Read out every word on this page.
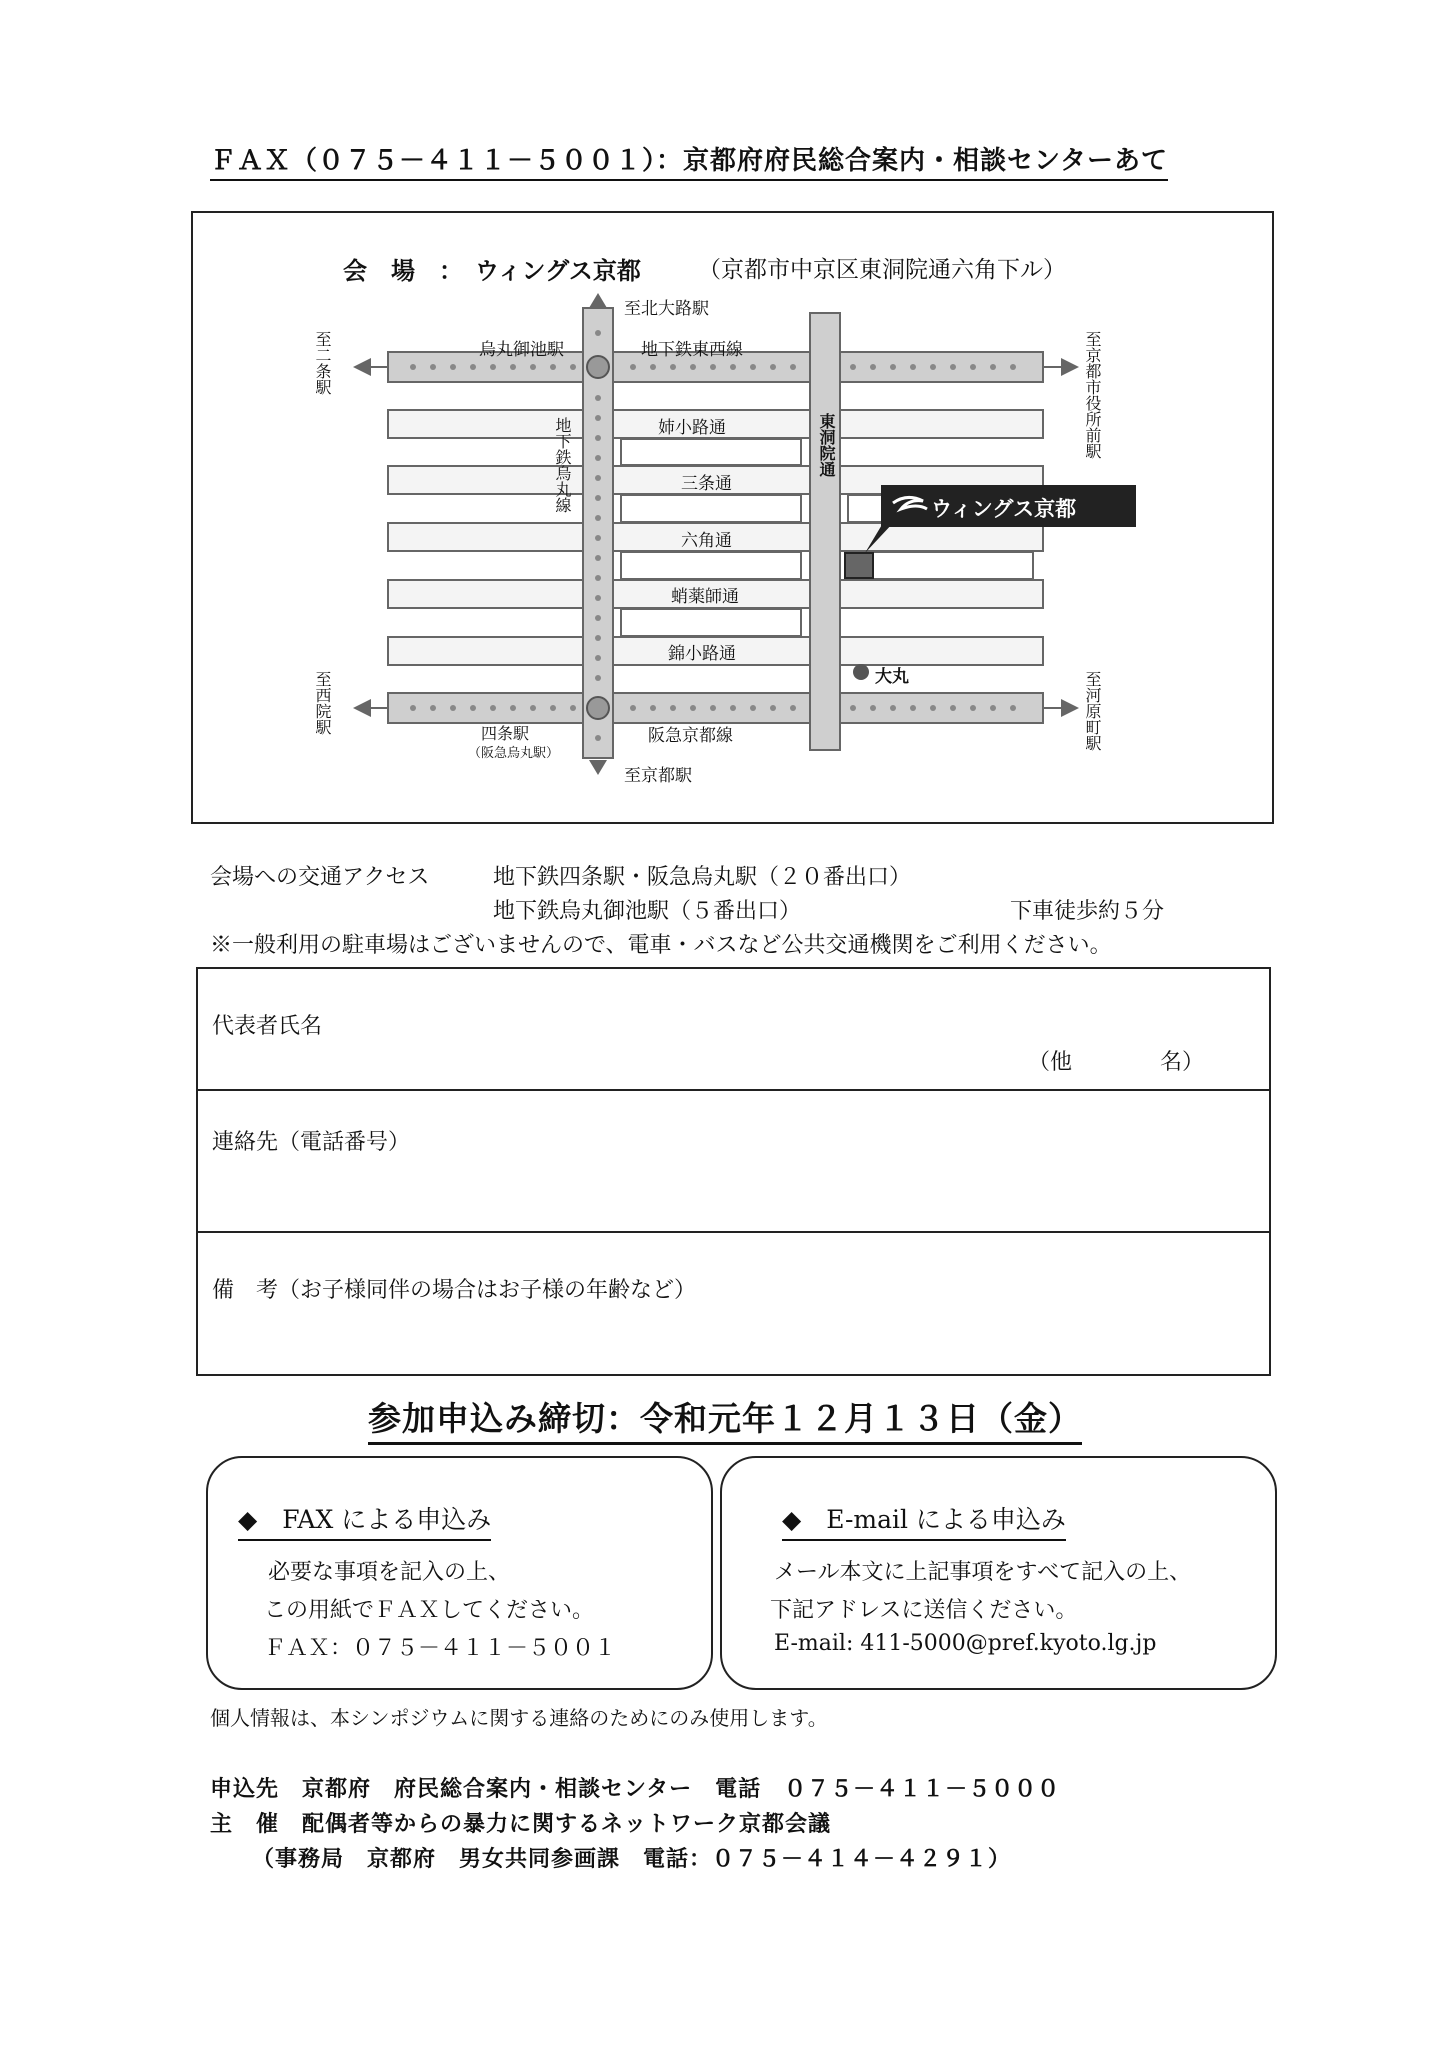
ＦＡＸ（０７５－４１１－５００１）：京都府府民総合案内・相談センターあて
会　場　：　ウィングス京都 （京都市中京区東洞院通六角下ル）
至北大路駅
至京都駅
烏丸御池駅	地下鉄東西線
姉小路通
三条通
六角通
蛸薬師通
錦小路通
四条駅
（阪急烏丸駅）
阪急京都線
ウィングス京都
大丸
至二条駅	至京都市役所前駅
至西院駅	至河原町駅
地下鉄烏丸線	東洞院通
会場への交通アクセス	地下鉄四条駅・阪急烏丸駅（２０番出口）
地下鉄烏丸御池駅（５番出口）	下車徒歩約５分
※一般利用の駐車場はございませんので、電車・バスなど公共交通機関をご利用ください。
代表者氏名
（他　　　　名）
連絡先（電話番号）
備　考（お子様同伴の場合はお子様の年齢など）
参加申込み締切：令和元年１２月１３日（金）
◆　FAX による申込み
必要な事項を記入の上、
この用紙でＦＡＸしてください。
ＦＡＸ：０７５－４１１－５００１
◆　E-mail による申込み
メール本文に上記事項をすべて記入の上、
下記アドレスに送信ください。
E-mail: 411-5000@pref.kyoto.lg.jp
個人情報は、本シンポジウムに関する連絡のためにのみ使用します。
申込先　京都府　府民総合案内・相談センター　電話　０７５－４１１－５０００
主　催　配偶者等からの暴力に関するネットワーク京都会議
（事務局　京都府　男女共同参画課　電話：０７５－４１４－４２９１）
